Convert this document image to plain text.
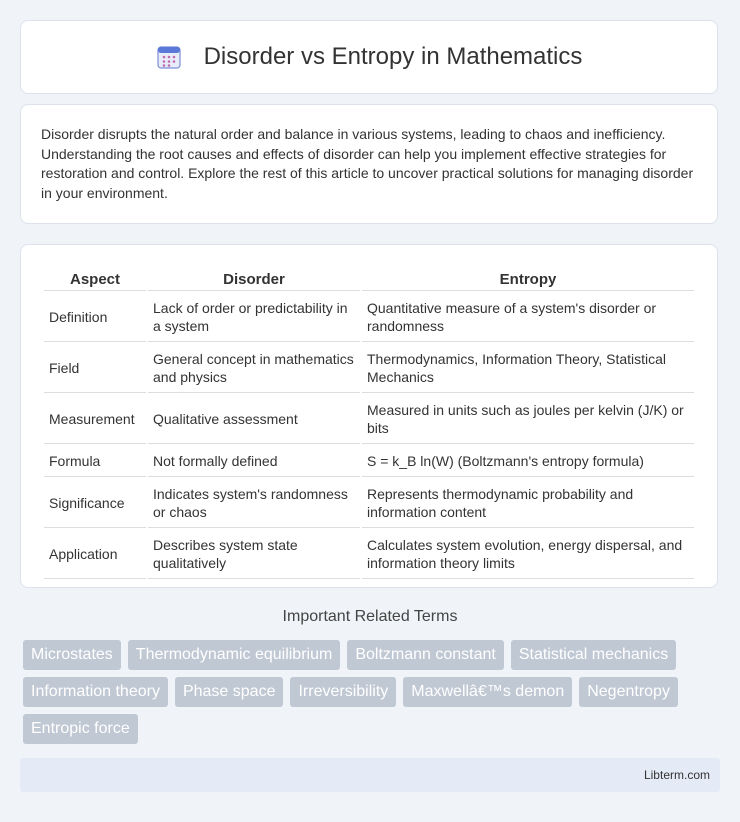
Disorder vs Entropy in Mathematics

Disorder disrupts the natural order and balance in various systems, leading to chaos and inefficiency. Understanding the root causes and effects of disorder can help you implement effective strategies for restoration and control. Explore the rest of this article to uncover practical solutions for managing disorder in your environment.

Aspect	Disorder	Entropy
Definition	Lack of order or predictability in a system	Quantitative measure of a system's disorder or randomness
Field	General concept in mathematics and physics	Thermodynamics, Information Theory, Statistical Mechanics
Measurement	Qualitative assessment	Measured in units such as joules per kelvin (J/K) or bits
Formula	Not formally defined	S = k_B ln(W) (Boltzmann's entropy formula)
Significance	Indicates system's randomness or chaos	Represents thermodynamic probability and information content
Application	Describes system state qualitatively	Calculates system evolution, energy dispersal, and information theory limits
Important Related Terms
Microstates	Thermodynamic equilibrium	Boltzmann constant	Statistical mechanics
Information theory	Phase space	Irreversibility	Maxwellâ€™s demon	Negentropy
Entropic force
Libterm.com
